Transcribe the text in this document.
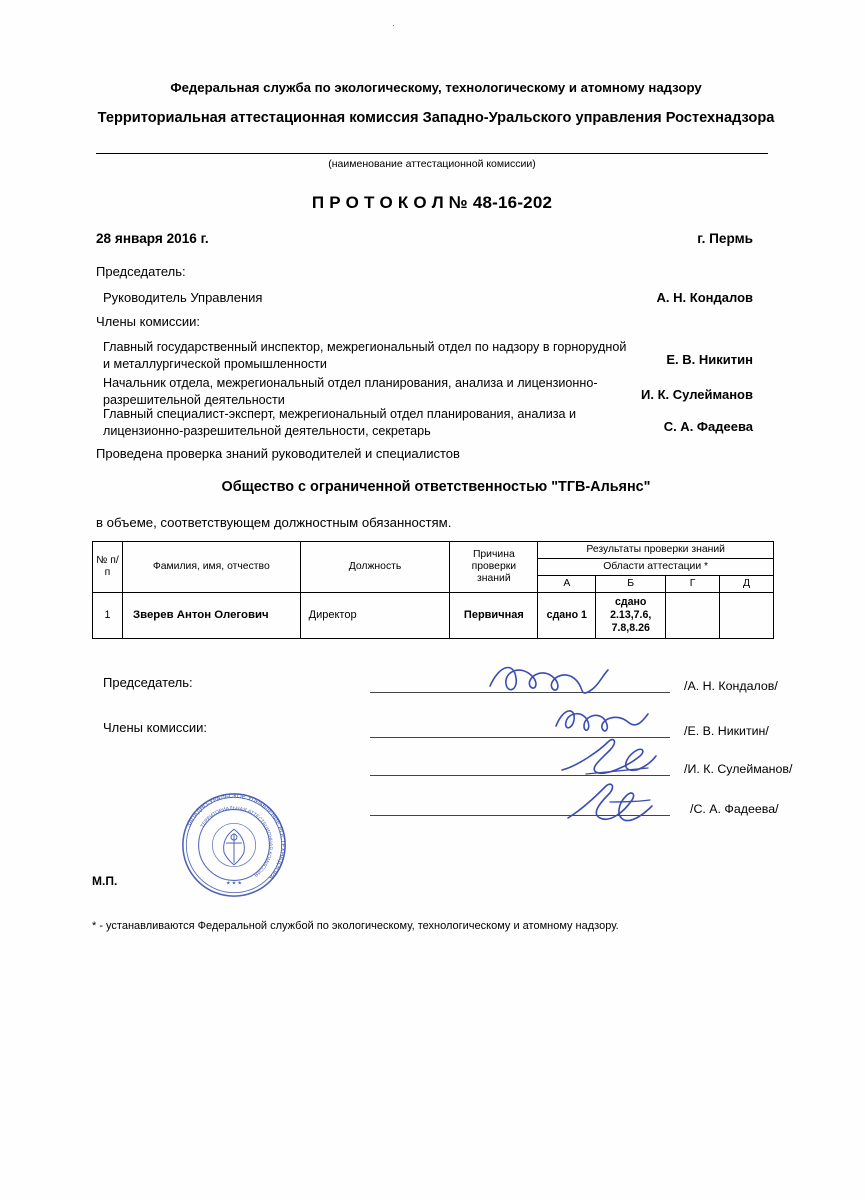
·
Федеральная служба по экологическому, технологическому и атомному надзору
Территориальная аттестационная комиссия Западно-Уральского управления Ростехнадзора
(наименование аттестационной комиссии)
П Р О Т О К О Л № 48-16-202
28 января 2016 г.	г. Пермь
Председатель:
Руководитель Управления	А. Н. Кондалов
Члены комиссии:
Главный государственный инспектор, межрегиональный отдел по надзору в горнорудной и металлургической промышленности	Е. В. Никитин
Начальник отдела, межрегиональный отдел планирования, анализа и лицензионно-разрешительной деятельности	И. К. Сулейманов
Главный специалист-эксперт, межрегиональный отдел планирования, анализа и лицензионно-разрешительной деятельности, секретарь	С. А. Фадеева
Проведена проверка знаний руководителей и специалистов
Общество с ограниченной ответственностью "ТГВ-Альянс"
в объеме, соответствующем должностным обязанностям.
№ п/п	Фамилия, имя, отчество	Должность	Причина проверки знаний	Результаты проверки знаний			
				Области аттестации *			
				А	Б	Г	Д
1	Зверев Антон Олегович	Директор	Первичная	сдано 1	сдано 2.13,7.6, 7.8,8.26		
Председатель:	/А. Н. Кондалов/
Члены комиссии:	/Е. В. Никитин/
/И. К. Сулейманов/
/С. А. Фадеева/
ЗАПАДНО-УРАЛЬСКОЕ УПРАВЛЕНИЕ РОСТЕХНАДЗОРА
ТЕРРИТОРИАЛЬНАЯ АТТЕСТАЦИОННАЯ КОМИССИЯ
★ ★ ★
М.П.
* - устанавливаются Федеральной службой по экологическому, технологическому и атомному надзору.
